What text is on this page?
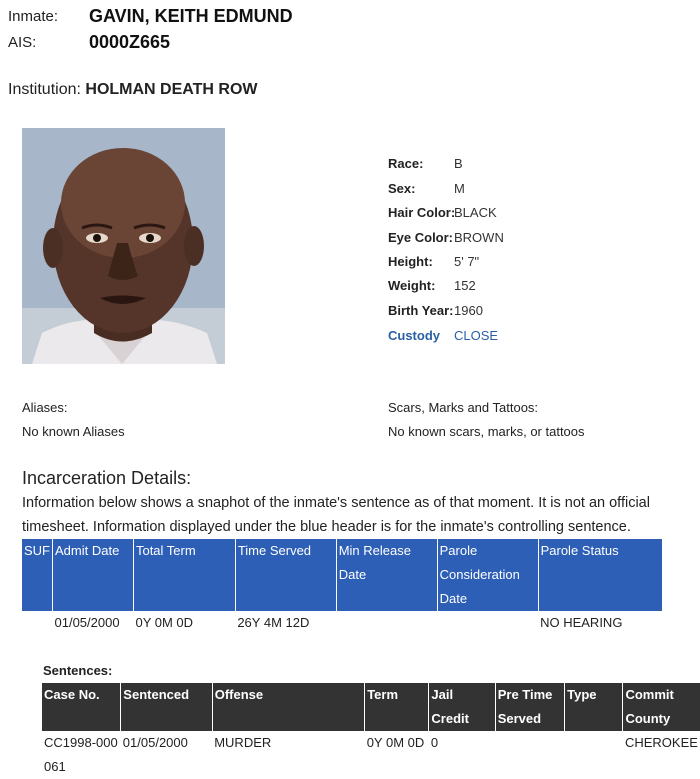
Inmate: GAVIN, KEITH EDMUND
AIS:	0000Z665
Institution: HOLMAN DEATH ROW
Race: B
Sex:	M
Hair Color:
BLACK
Eye Color: BROWN
Height: 5' 7"
Weight: 152
Birth Year: 1960
Custody CLOSE
Aliases:
No known Aliases
Scars, Marks and Tattoos:
No known scars, marks, or tattoos
Incarceration Details:
Information below shows a snaphot of the inmate's sentence as of that moment. It is not an official
timesheet. Information displayed under the blue header is for the inmate's controlling sentence.
SUF	Admit Date	Total Term	Time Served	Min Release Date	Parole Consideration Date	Parole Status
	01/05/2000	0Y 0M 0D	26Y 4M 12D			NO HEARING
Sentences:
Case No.	Sentenced	Offense	Term	Jail Credit	Pre Time Served	Type	Commit County
CC1998-000061	01/05/2000	MURDER	0Y 0M 0D	0			CHEROKEE
